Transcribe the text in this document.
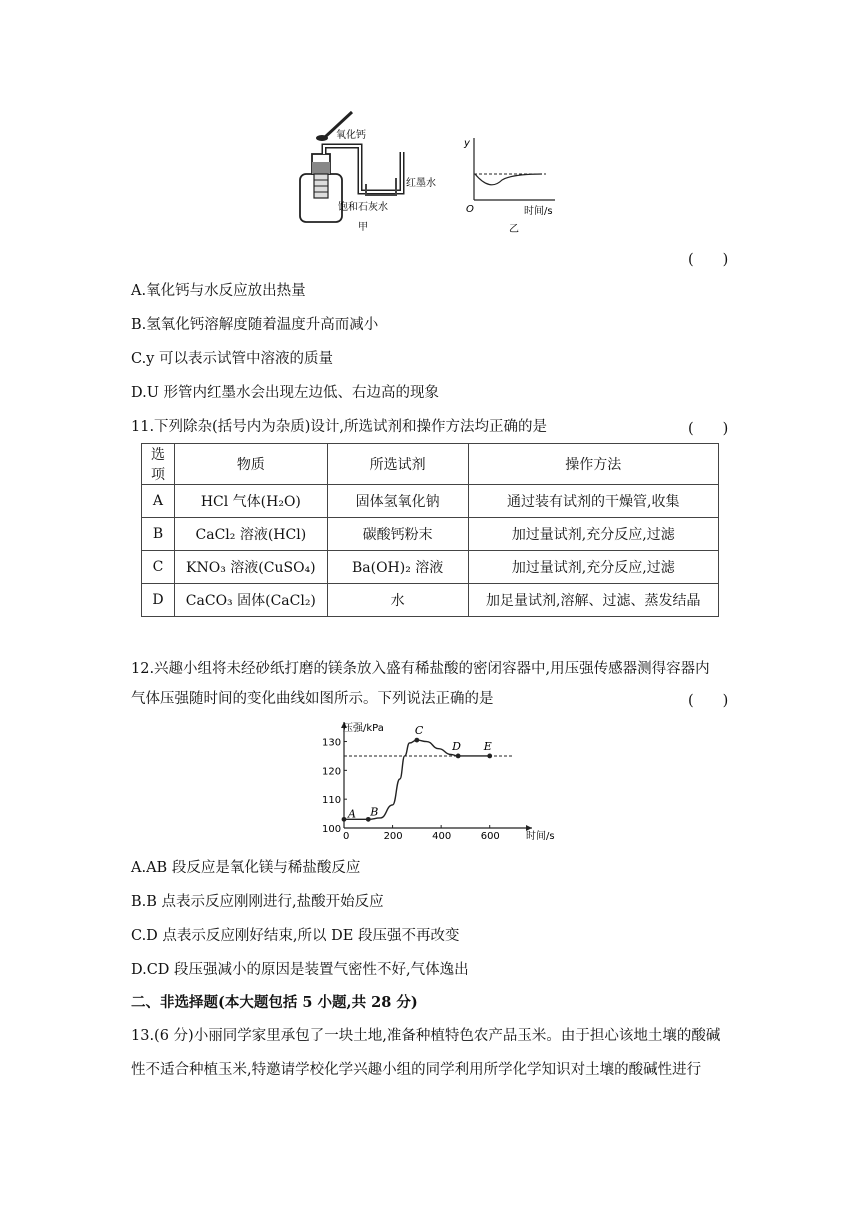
氧化钙
红墨水
饱和石灰水
甲
y
O	时间/s
乙
(　　)
A.氧化钙与水反应放出热量
B.氢氧化钙溶解度随着温度升高而减小
C.y 可以表示试管中溶液的质量
D.U 形管内红墨水会出现左边低、右边高的现象
11.下列除杂(括号内为杂质)设计,所选试剂和操作方法均正确的是	(　　)
选项	物质	所选试剂	操作方法
A	HCl 气体(H₂O)	固体氢氧化钠	通过装有试剂的干燥管,收集
B	CaCl₂ 溶液(HCl)	碳酸钙粉末	加过量试剂,充分反应,过滤
C	KNO₃ 溶液(CuSO₄)	Ba(OH)₂ 溶液	加过量试剂,充分反应,过滤
D	CaCO₃ 固体(CaCl₂)	水	加足量试剂,溶解、过滤、蒸发结晶
12.兴趣小组将未经砂纸打磨的镁条放入盛有稀盐酸的密闭容器中,用压强传感器测得容器内
气体压强随时间的变化曲线如图所示。下列说法正确的是	(　　)
压强/kPa
时间/s
0	200	400	600
100
110
120
130
A B
C
D E
A.AB 段反应是氧化镁与稀盐酸反应
B.B 点表示反应刚刚进行,盐酸开始反应
C.D 点表示反应刚好结束,所以 DE 段压强不再改变
D.CD 段压强减小的原因是装置气密性不好,气体逸出
二、非选择题(本大题包括 5 小题,共 28 分)
13.(6 分)小丽同学家里承包了一块土地,准备种植特色农产品玉米。由于担心该地土壤的酸碱
性不适合种植玉米,特邀请学校化学兴趣小组的同学利用所学化学知识对土壤的酸碱性进行
